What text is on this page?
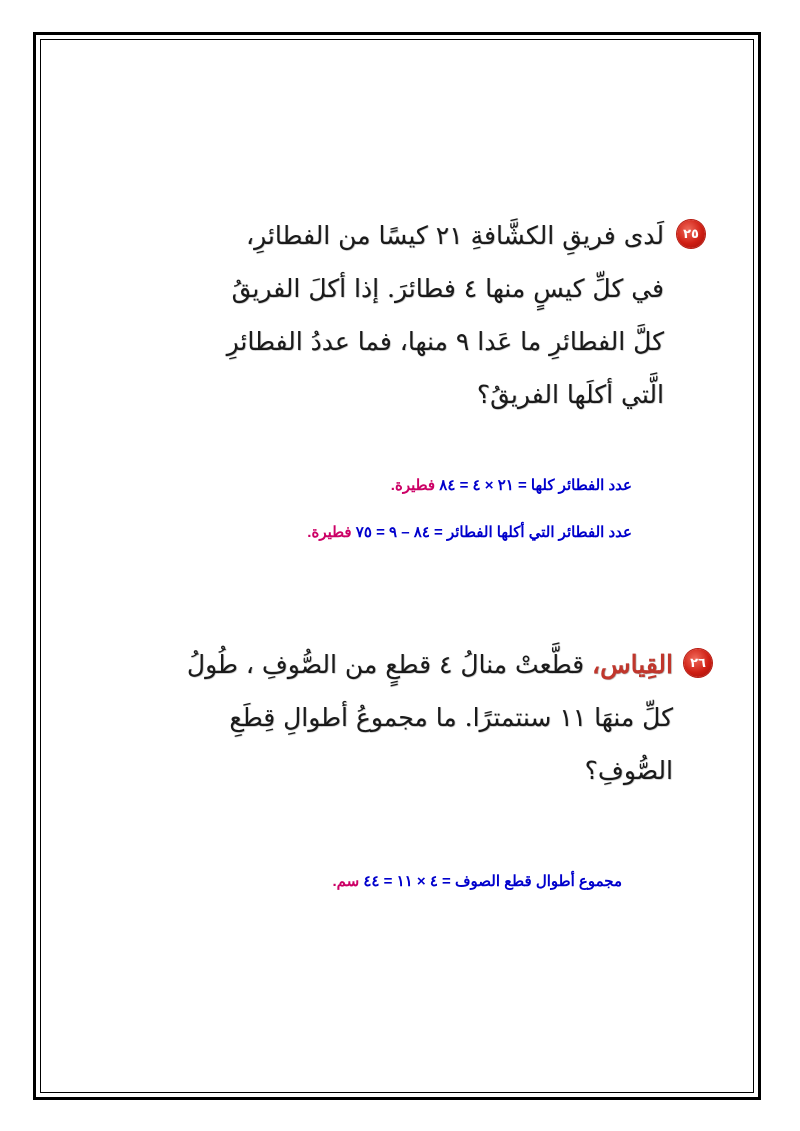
٢٥
لَدى فريقِ الكشَّافةِ ٢١ كيسًا من الفطائرِ،
في كلِّ كيسٍ منها ٤ فطائرَ. إذا أكلَ الفريقُ
كلَّ الفطائرِ ما عَدا ٩ منها، فما عددُ الفطائرِ
الَّتي أكلَها الفريقُ؟
عدد الفطائر كلها = ٢١ × ٤ = ٨٤ فطيرة.
عدد الفطائر التي أكلها الفطائر = ٨٤ – ٩ = ٧٥ فطيرة.
٢٦
القِياس، قطَّعتْ منالُ ٤ قطعٍ من الصُّوفِ ، طُولُ
كلِّ منهَا ١١ سنتمترًا. ما مجموعُ أطوالِ قِطَعِ
الصُّوفِ؟
مجموع أطوال قطع الصوف = ٤ × ١١ = ٤٤ سم.
